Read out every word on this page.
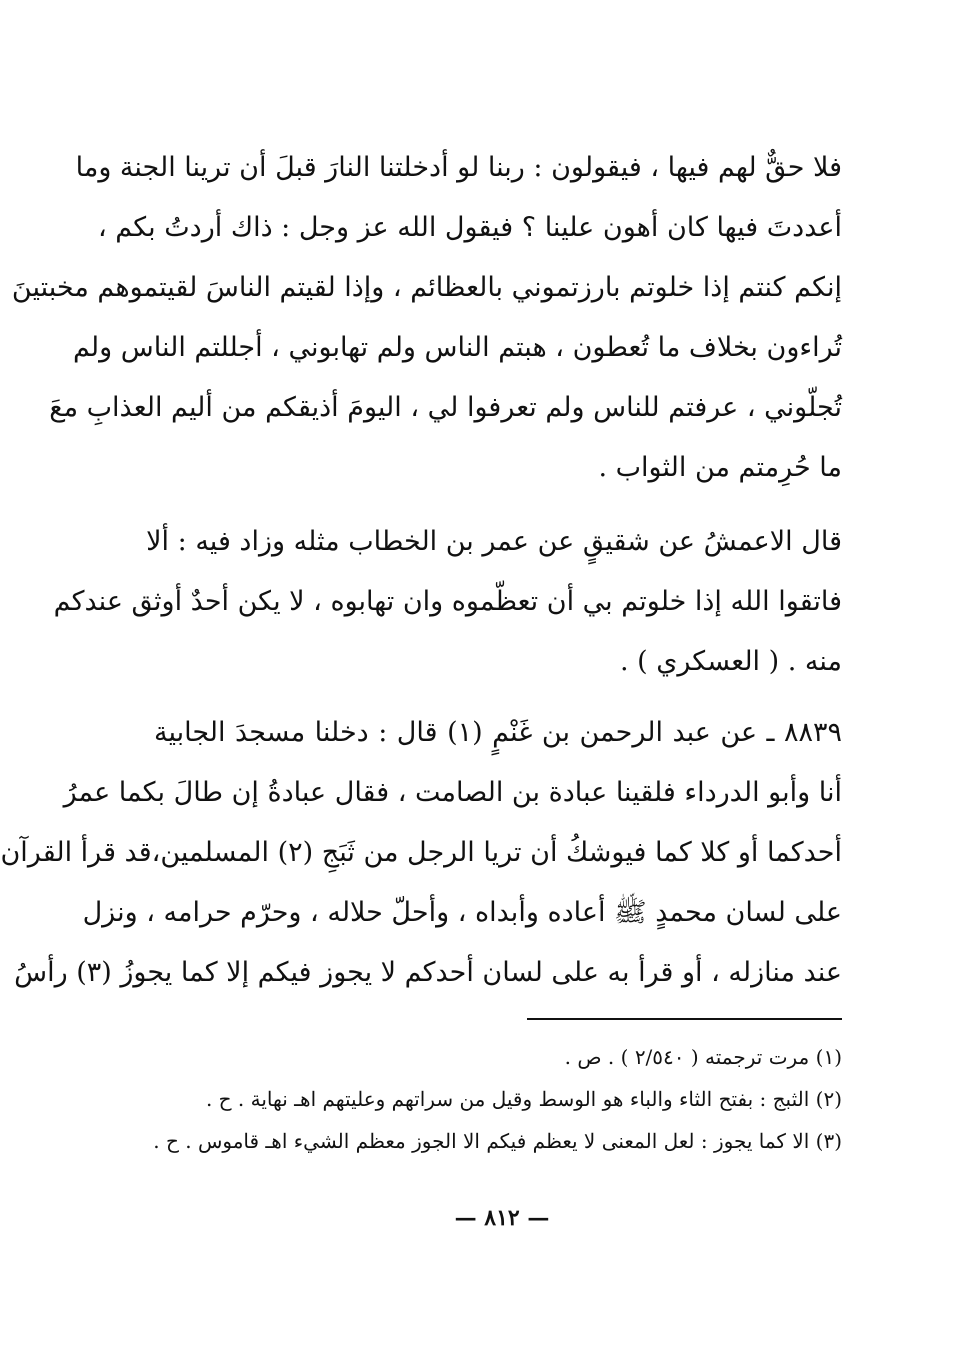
فلا حقٌّ لهم فيها ، فيقولون : ربنا لو أدخلتنا النارَ قبلَ أن ترينا الجنة وما
أعددتَ فيها كان أهون علينا ؟ فيقول الله عز وجل : ذاك أردتُ بكم ،
إنكم كنتم إذا خلوتم بارزتموني بالعظائم ، وإذا لقيتم الناسَ لقيتموهم مخبتينَ
تُراءون بخلاف ما تُعطون ، هبتم الناس ولم تهابوني ، أجللتم الناس ولم
تُجلّوني ، عرفتم للناس ولم تعرفوا لي ، اليومَ أذيقكم من أليم العذابِ معَ
ما حُرِمتم من الثواب .
قال الاعمشُ عن شقيقٍ عن عمر بن الخطاب مثله وزاد فيه : ألا
فاتقوا الله إذا خلوتم بي أن تعظّموه وان تهابوه ، لا يكن أحدٌ أوثق عندكم
منه . ( العسكري ) .
٨٨٣٩ ـ عن عبد الرحمن بن غَنْمٍ (١) قال : دخلنا مسجدَ الجابية
أنا وأبو الدرداء فلقينا عبادة بن الصامت ، فقال عبادةُ إن طالَ بكما عمرُ
أحدكما أو كلا كما فيوشكُ أن تريا الرجل من ثَبَجِ (٢) المسلمين،قد قرأ القرآن
على لسان محمدٍ ﷺ أعاده وأبداه ، وأحلّ حلاله ، وحرّم حرامه ، ونزل
عند منازله ، أو قرأ به على لسان أحدكم لا يجوز فيكم إلا كما يجوزُ (٣) رأسُ
(١) مرت ترجمته ( ٢/٥٤٠ ) . ص .
(٢) الثبج : بفتح الثاء والباء هو الوسط وقيل من سراتهم وعليتهم اهـ نهاية . ح .
(٣) الا كما يجوز : لعل المعنى لا يعظم فيكم الا الجوز معظم الشيء اهـ قاموس . ح .
— ٨١٢ —
